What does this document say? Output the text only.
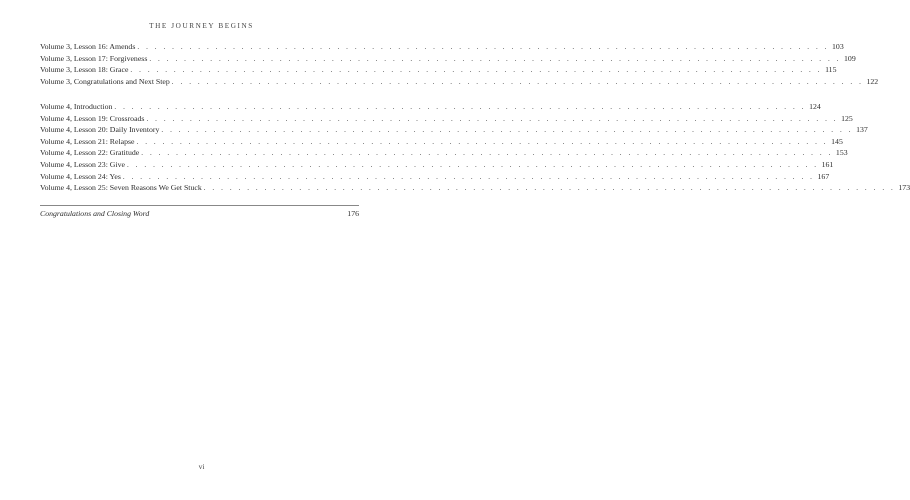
THE JOURNEY BEGINS
Volume 3, Lesson 16: Amends . . . . . . . . . . . . . . . . . . . . . . . . . . . . . . . . . . . . . . . . . . . . . . . . . . . . . . . . . . . . . . . . . . . . . . . . . . . . . . . . 103
Volume 3, Lesson 17: Forgiveness . . . . . . . . . . . . . . . . . . . . . . . . . . . . . . . . . . . . . . . . . . . . . . . . . . . . . . . . . . . . . . . . . . . . . . . . . . . . . . . . 109
Volume 3, Lesson 18: Grace . . . . . . . . . . . . . . . . . . . . . . . . . . . . . . . . . . . . . . . . . . . . . . . . . . . . . . . . . . . . . . . . . . . . . . . . . . . . . . . . 115
Volume 3, Congratulations and Next Step . . . . . . . . . . . . . . . . . . . . . . . . . . . . . . . . . . . . . . . . . . . . . . . . . . . . . . . . . . . . . . . . . . . . . . . . . . . . . . . . 122
Volume 4, Introduction . . . . . . . . . . . . . . . . . . . . . . . . . . . . . . . . . . . . . . . . . . . . . . . . . . . . . . . . . . . . . . . . . . . . . . . . . . . . . . . . 124
Volume 4, Lesson 19: Crossroads . . . . . . . . . . . . . . . . . . . . . . . . . . . . . . . . . . . . . . . . . . . . . . . . . . . . . . . . . . . . . . . . . . . . . . . . . . . . . . . . 125
Volume 4, Lesson 20: Daily Inventory . . . . . . . . . . . . . . . . . . . . . . . . . . . . . . . . . . . . . . . . . . . . . . . . . . . . . . . . . . . . . . . . . . . . . . . . . . . . . . . . 137
Volume 4, Lesson 21: Relapse . . . . . . . . . . . . . . . . . . . . . . . . . . . . . . . . . . . . . . . . . . . . . . . . . . . . . . . . . . . . . . . . . . . . . . . . . . . . . . . . 145
Volume 4, Lesson 22: Gratitude . . . . . . . . . . . . . . . . . . . . . . . . . . . . . . . . . . . . . . . . . . . . . . . . . . . . . . . . . . . . . . . . . . . . . . . . . . . . . . . . 153
Volume 4, Lesson 23: Give . . . . . . . . . . . . . . . . . . . . . . . . . . . . . . . . . . . . . . . . . . . . . . . . . . . . . . . . . . . . . . . . . . . . . . . . . . . . . . . . 161
Volume 4, Lesson 24: Yes . . . . . . . . . . . . . . . . . . . . . . . . . . . . . . . . . . . . . . . . . . . . . . . . . . . . . . . . . . . . . . . . . . . . . . . . . . . . . . . . 167
Volume 4, Lesson 25: Seven Reasons We Get Stuck . . . . . . . . . . . . . . . . . . . . . . . . . . . . . . . . . . . . . . . . . . . . . . . . . . . . . . . . . . . . . . . . . . . . . . . . . . . . . . . . 173
Congratulations and Closing Word	176
vi
